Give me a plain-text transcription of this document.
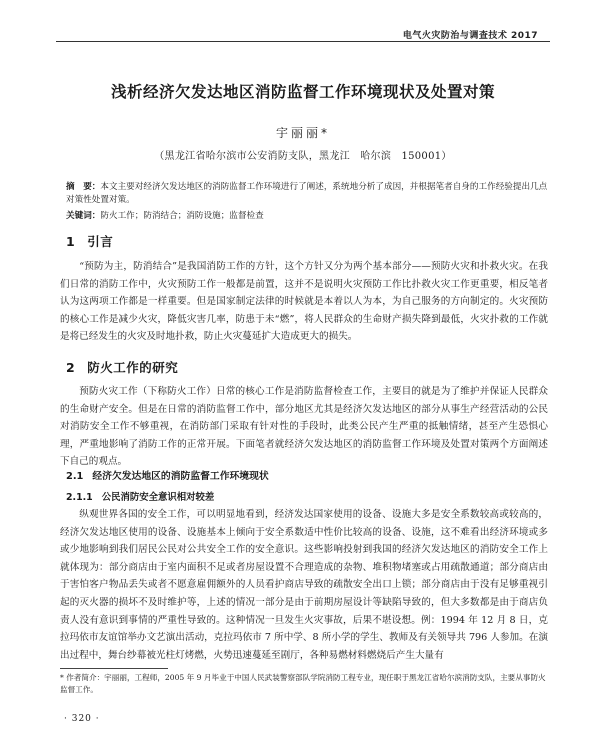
电气火灾防治与调查技术 2017
浅析经济欠发达地区消防监督工作环境现状及处置对策
宇丽丽*
（黑龙江省哈尔滨市公安消防支队，黑龙江　哈尔滨　150001）
摘　要：本文主要对经济欠发达地区的消防监督工作环境进行了阐述，系统地分析了成因，并根据笔者自身的工作经验提出几点对策性处置对策。
关键词：防火工作；防消结合；消防设施；监督检查
1 引言

“预防为主，防消结合”是我国消防工作的方针，这个方针又分为两个基本部分——预防火灾和扑救火灾。在我们日常的消防工作中，火灾预防工作一般都是前置，这并不是说明火灾预防工作比扑救火灾工作更重要，相反笔者认为这两项工作都是一样重要。但是国家制定法律的时候就是本着以人为本，为自己服务的方向制定的。火灾预防的核心工作是减少火灾，降低灾害几率，防患于未“燃”，将人民群众的生命财产损失降到最低，火灾扑救的工作就是将已经发生的火灾及时地扑救，防止火灾蔓延扩大造成更大的损失。

2 防火工作的研究

预防火灾工作（下称防火工作）日常的核心工作是消防监督检查工作，主要目的就是为了维护并保证人民群众的生命财产安全。但是在日常的消防监督工作中，部分地区尤其是经济欠发达地区的部分从事生产经营活动的公民对消防安全工作不够重视，在消防部门采取有针对性的手段时，此类公民产生严重的抵触情绪，甚至产生恐惧心理，严重地影响了消防工作的正常开展。下面笔者就经济欠发达地区的消防监督工作环境及处置对策两个方面阐述下自己的观点。

2.1 经济欠发达地区的消防监督工作环境现状
2.1.1 公民消防安全意识相对较差

纵观世界各国的安全工作，可以明显地看到，经济发达国家使用的设备、设施大多是安全系数较高或较高的，经济欠发达地区使用的设备、设施基本上倾向于安全系数适中性价比较高的设备、设施，这不难看出经济环境或多或少地影响到我们居民公民对公共安全工作的安全意识。这些影响投射到我国的经济欠发达地区的消防安全工作上就体现为：部分商店由于室内面积不足或者房屋设置不合理造成的杂物、堆积物堵塞或占用疏散通道；部分商店由于害怕客户物品丢失或者不愿意雇佣额外的人员看护商店导致的疏散安全出口上锁；部分商店由于没有足够重视引起的灭火器的损坏不及时维护等，上述的情况一部分是由于前期房屋设计等缺陷导致的，但大多数都是由于商店负责人没有意识到事情的严重性导致的。这种情况一旦发生火灾事故，后果不堪设想。例：1994 年 12 月 8 日，克拉玛依市友谊馆举办文艺演出活动，克拉玛依市 7 所中学、8 所小学的学生、教师及有关领导共 796 人参加。在演出过程中，舞台纱幕被光柱灯烤燃，火势迅速蔓延至剧厅，各种易燃材料燃烧后产生大量有

* 作者简介：宇丽丽，工程师，2005 年 9 月毕业于中国人民武装警察部队学院消防工程专业，现任职于黑龙江省哈尔滨消防支队，主要从事防火监督工作。
· 320 ·
